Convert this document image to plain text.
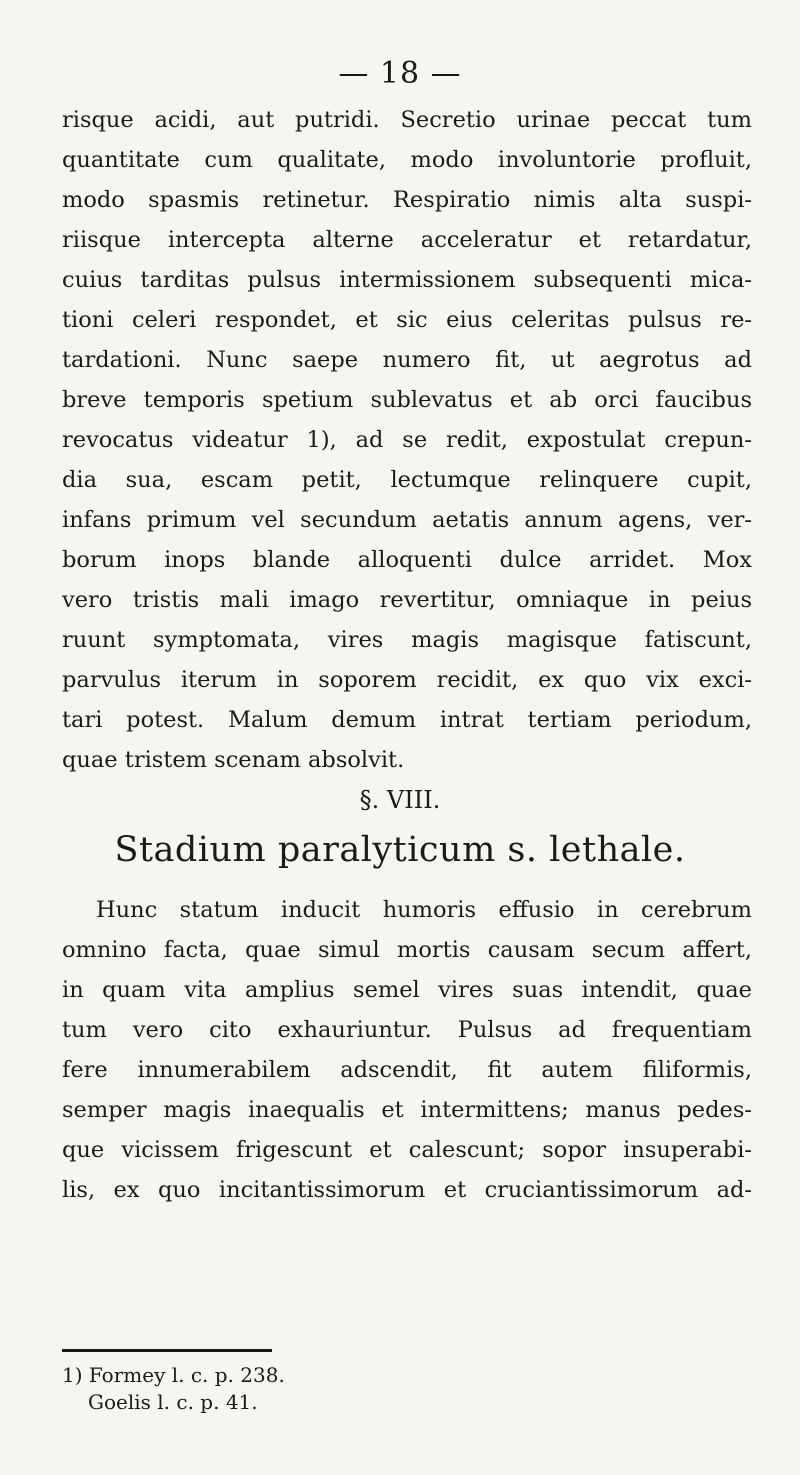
— 18 —
risque acidi, aut putridi. Secretio urinae peccat tum
quantitate cum qualitate, modo involuntorie profluit,
modo spasmis retinetur. Respiratio nimis alta suspi-
riisque intercepta alterne acceleratur et retardatur,
cuius tarditas pulsus intermissionem subsequenti mica-
tioni celeri respondet, et sic eius celeritas pulsus re-
tardationi. Nunc saepe numero fit, ut aegrotus ad
breve temporis spetium sublevatus et ab orci faucibus
revocatus videatur 1), ad se redit, expostulat crepun-
dia sua, escam petit, lectumque relinquere cupit,
infans primum vel secundum aetatis annum agens, ver-
borum inops blande alloquenti dulce arridet. Mox
vero tristis mali imago revertitur, omniaque in peius
ruunt symptomata, vires magis magisque fatiscunt,
parvulus iterum in soporem recidit, ex quo vix exci-
tari potest. Malum demum intrat tertiam periodum,
quae tristem scenam absolvit.
§. VIII.
Stadium paralyticum s. lethale.
Hunc statum inducit humoris effusio in cerebrum
omnino facta, quae simul mortis causam secum affert,
in quam vita amplius semel vires suas intendit, quae
tum vero cito exhauriuntur. Pulsus ad frequentiam
fere innumerabilem adscendit, fit autem filiformis,
semper magis inaequalis et intermittens; manus pedes-
que vicissem frigescunt et calescunt; sopor insuperabi-
lis, ex quo incitantissimorum et cruciantissimorum ad-
1) Formey l. c. p. 238.
Goelis l. c. p. 41.
